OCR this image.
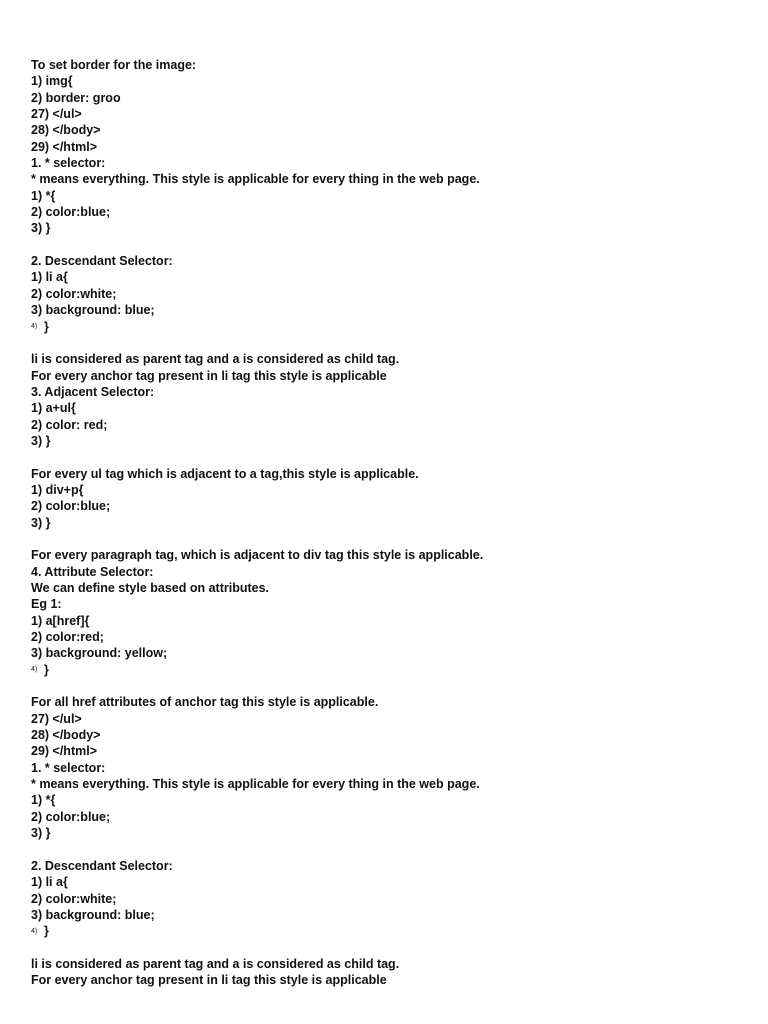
To set border for the image:
1) img{
2) border: groo
27) </ul>
28) </body>
29) </html>
1. * selector:
* means everything. This style is applicable for every thing in the web page.
1) *{
2) color:blue;
3) }
2. Descendant Selector:
1) li a{
2) color:white;
3) background: blue;
4) }
li is considered as parent tag and a is considered as child tag.
For every anchor tag present in li tag this style is applicable
3. Adjacent Selector:
1) a+ul{
2) color: red;
3) }
For every ul tag which is adjacent to a tag,this style is applicable.
1) div+p{
2) color:blue;
3) }
For every paragraph tag, which is adjacent to div tag this style is applicable.
4. Attribute Selector:
We can define style based on attributes.
Eg 1:
1) a[href]{
2) color:red;
3) background: yellow;
4) }
For all href attributes of anchor tag this style is applicable.
27) </ul>
28) </body>
29) </html>
1. * selector:
* means everything. This style is applicable for every thing in the web page.
1) *{
2) color:blue;
3) }
2. Descendant Selector:
1) li a{
2) color:white;
3) background: blue;
4) }
li is considered as parent tag and a is considered as child tag.
For every anchor tag present in li tag this style is applicable
